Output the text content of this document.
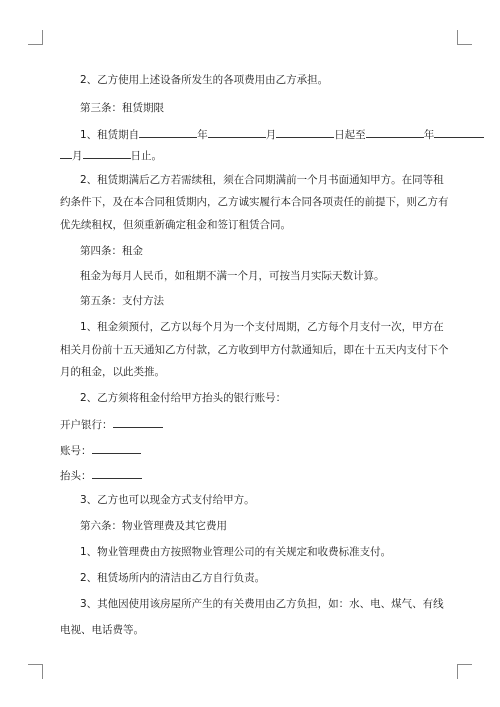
2、乙方使用上述设备所发生的各项费用由乙方承担。
第三条：租赁期限
1、租赁期自	年	月	日起至	年
月	日止。
2、租赁期满后乙方若需续租，须在合同期满前一个月书面通知甲方。在同等租
约条件下，及在本合同租赁期内，乙方诚实履行本合同各项责任的前提下，则乙方有
优先续租权，但须重新确定租金和签订租赁合同。
第四条：租金
租金为每月人民币，如租期不满一个月，可按当月实际天数计算。
第五条：支付方法
1、租金须预付，乙方以每个月为一个支付周期，乙方每个月支付一次，甲方在
相关月份前十五天通知乙方付款，乙方收到甲方付款通知后，即在十五天内支付下个
月的租金，以此类推。
2、乙方须将租金付给甲方抬头的银行账号：
开户银行：
账号：
抬头：
3、乙方也可以现金方式支付给甲方。
第六条：物业管理费及其它费用
1、物业管理费由方按照物业管理公司的有关规定和收费标准支付。
2、租赁场所内的清洁由乙方自行负责。
3、其他因使用该房屋所产生的有关费用由乙方负担，如：水、电、煤气、有线
电视、电话费等。
